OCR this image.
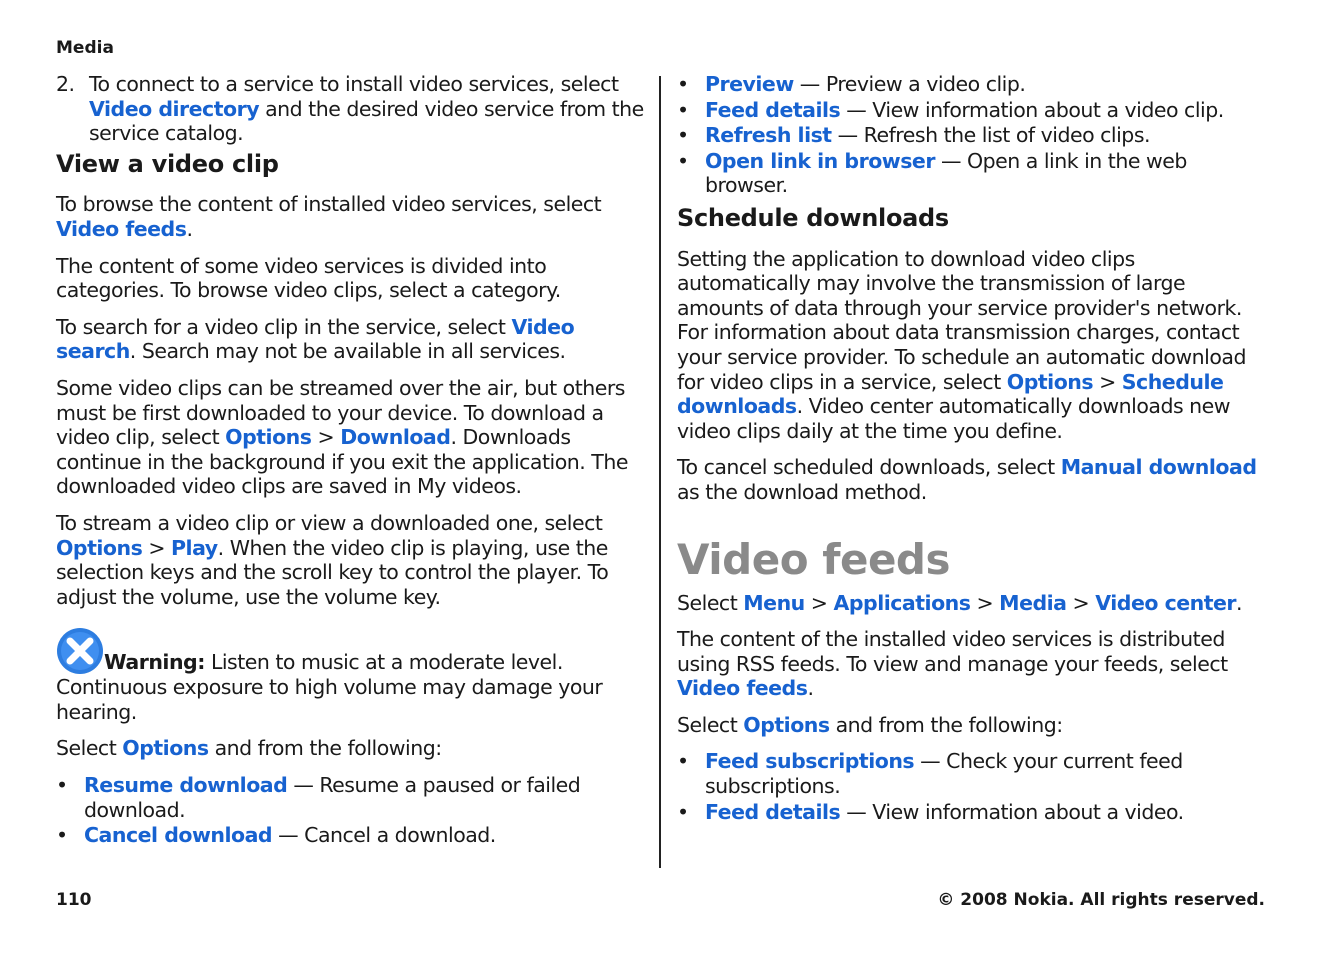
Media
2. To connect to a service to install video services, select Video directory and the desired video service from the service catalog.
View a video clip

To browse the content of installed video services, select Video feeds.

The content of some video services is divided into categories. To browse video clips, select a category.

To search for a video clip in the service, select Video search. Search may not be available in all services.

Some video clips can be streamed over the air, but others must be first downloaded to your device. To download a video clip, select Options > Download. Downloads continue in the background if you exit the application. The downloaded video clips are saved in My videos.

To stream a video clip or view a downloaded one, select Options > Play. When the video clip is playing, use the selection keys and the scroll key to control the player. To adjust the volume, use the volume key.

Warning: Listen to music at a moderate level. Continuous exposure to high volume may damage your hearing.

Select Options and from the following:

• Resume download — Resume a paused or failed download.
• Cancel download — Cancel a download.
• Preview — Preview a video clip.
• Feed details — View information about a video clip.
• Refresh list — Refresh the list of video clips.
• Open link in browser — Open a link in the web browser.
Schedule downloads

Setting the application to download video clips automatically may involve the transmission of large amounts of data through your service provider's network. For information about data transmission charges, contact your service provider. To schedule an automatic download for video clips in a service, select Options > Schedule downloads. Video center automatically downloads new video clips daily at the time you define.

To cancel scheduled downloads, select Manual download as the download method.

Video feeds

Select Menu > Applications > Media > Video center.

The content of the installed video services is distributed using RSS feeds. To view and manage your feeds, select Video feeds.

Select Options and from the following:

• Feed subscriptions — Check your current feed subscriptions.
• Feed details — View information about a video.
110	© 2008 Nokia. All rights reserved.
